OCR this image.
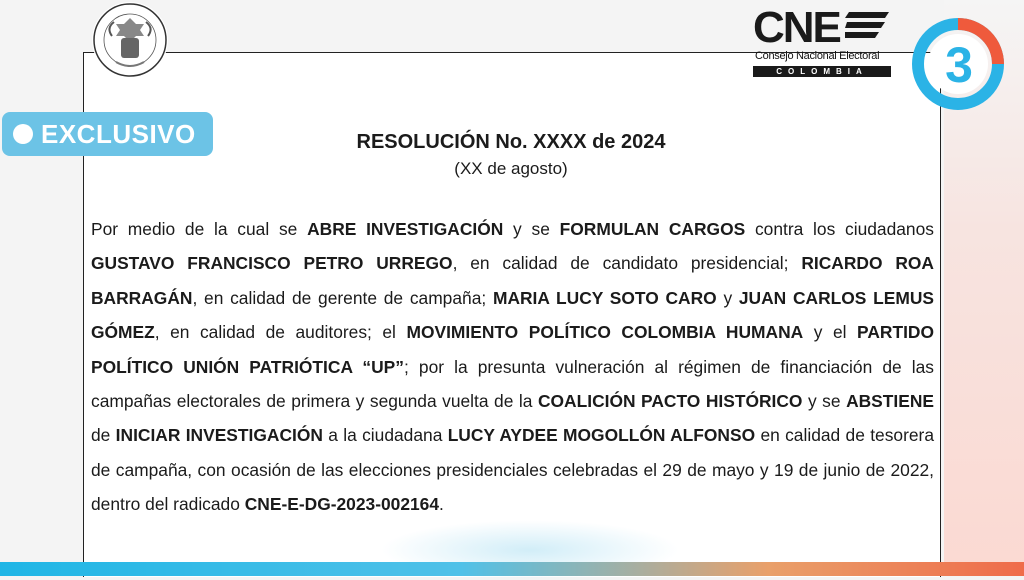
CNE
Consejo Nacional Electoral
COLOMBIA	3
EXCLUSIVO	RESOLUCIÓN No. XXXX de 2024
(XX de agosto)
Por medio de la cual se ABRE INVESTIGACIÓN y se FORMULAN CARGOS contra los ciudadanos GUSTAVO FRANCISCO PETRO URREGO, en calidad de candidato presidencial; RICARDO ROA BARRAGÁN, en calidad de gerente de campaña; MARIA LUCY SOTO CARO y JUAN CARLOS LEMUS GÓMEZ, en calidad de auditores; el MOVIMIENTO POLÍTICO COLOMBIA HUMANA y el PARTIDO POLÍTICO UNIÓN PATRIÓTICA “UP”; por la presunta vulneración al régimen de financiación de las campañas electorales de primera y segunda vuelta de la COALICIÓN PACTO HISTÓRICO y se ABSTIENE de INICIAR INVESTIGACIÓN a la ciudadana LUCY AYDEE MOGOLLÓN ALFONSO en calidad de tesorera de campaña, con ocasión de las elecciones presidenciales celebradas el 29 de mayo y 19 de junio de 2022, dentro del radicado CNE-E-DG-2023-002164.
